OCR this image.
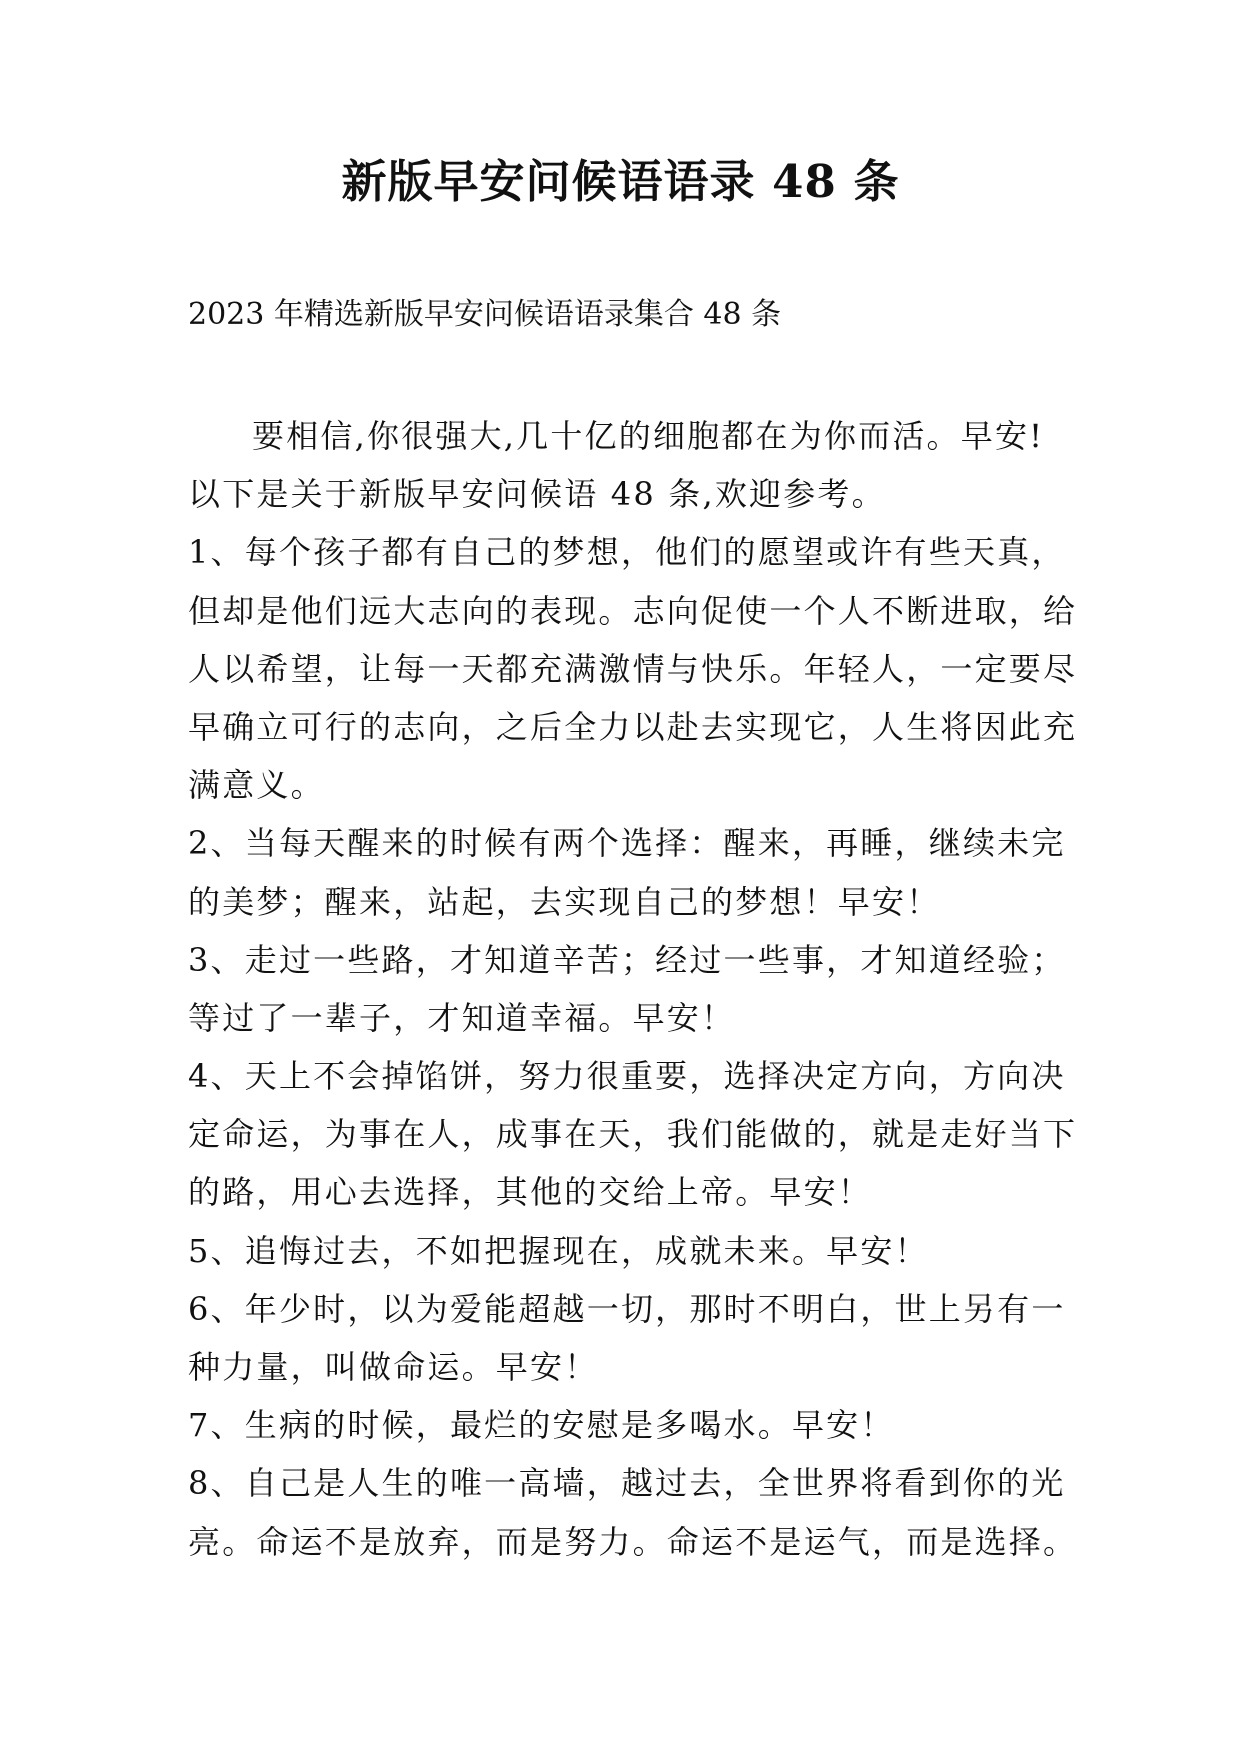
新版早安问候语语录 48 条
2023 年精选新版早安问候语语录集合 48 条
要相信,你很强大,几十亿的细胞都在为你而活。早安!
以下是关于新版早安问候语 48 条,欢迎参考。
1、每个孩子都有自己的梦想，他们的愿望或许有些天真，
但却是他们远大志向的表现。志向促使一个人不断进取，给
人以希望，让每一天都充满激情与快乐。年轻人，一定要尽
早确立可行的志向，之后全力以赴去实现它，人生将因此充
满意义。
2、当每天醒来的时候有两个选择：醒来，再睡，继续未完
的美梦；醒来，站起，去实现自己的梦想！早安！
3、走过一些路，才知道辛苦；经过一些事，才知道经验；
等过了一辈子，才知道幸福。早安！
4、天上不会掉馅饼，努力很重要，选择决定方向，方向决
定命运，为事在人，成事在天，我们能做的，就是走好当下
的路，用心去选择，其他的交给上帝。早安！
5、追悔过去，不如把握现在，成就未来。早安！
6、年少时，以为爱能超越一切，那时不明白，世上另有一
种力量，叫做命运。早安！
7、生病的时候，最烂的安慰是多喝水。早安！
8、自己是人生的唯一高墙，越过去，全世界将看到你的光
亮。命运不是放弃，而是努力。命运不是运气，而是选择。
